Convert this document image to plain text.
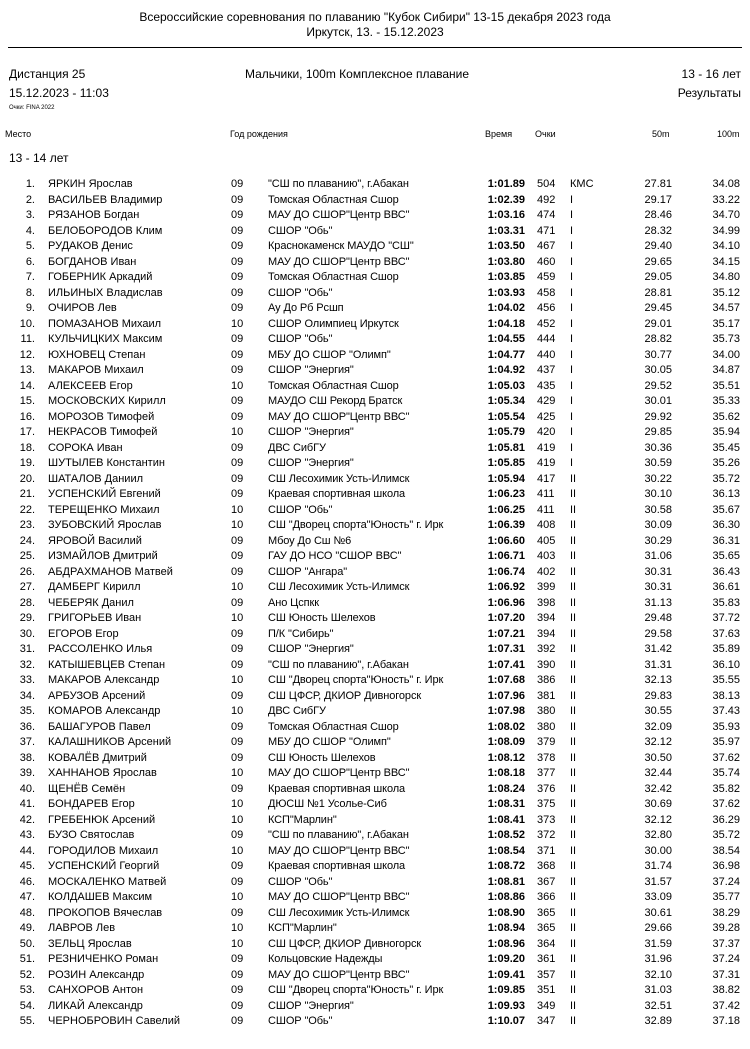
Всероссийские соревнования по плаванию "Кубок Сибири" 13-15 декабря 2023 года
Иркутск, 13. - 15.12.2023
Дистанция 25
15.12.2023 - 11:03
Мальчики, 100m Комплексное плавание	13 - 16 лет
Результаты
Очки: FINA 2022
Место	Год рождения	Время	Очки	50m	100m
13 - 14 лет
1. ЯРКИН Ярослав	09 "СШ по плаванию", г.Абакан	1:01.89 504 КМС	27.81	34.08
2. ВАСИЛЬЕВ Владимир	09 Томская Областная Сшор	1:02.39 492 I	29.17	33.22
3. РЯЗАНОВ Богдан	09 МАУ ДО СШОР"Центр ВВС"	1:03.16 474 I	28.46	34.70
4. БЕЛОБОРОДОВ Клим	09 СШОР "Обь"	1:03.31 471 I	28.32	34.99
5. РУДАКОВ Денис	09 Краснокаменск МАУДО "СШ"	1:03.50 467 I	29.40	34.10
6. БОГДАНОВ Иван	09 МАУ ДО СШОР"Центр ВВС"	1:03.80 460 I	29.65	34.15
7. ГОБЕРНИК Аркадий	09 Томская Областная Сшор	1:03.85 459 I	29.05	34.80
8. ИЛЬИНЫХ Владислав	09 СШОР "Обь"	1:03.93 458 I	28.81	35.12
9. ОЧИРОВ Лев	09 Ау До Рб Рсшп	1:04.02 456 I	29.45	34.57
10. ПОМАЗАНОВ Михаил	10 СШОР Олимпиец Иркутск	1:04.18 452 I	29.01	35.17
11. КУЛЬЧИЦКИХ Максим	09 СШОР "Обь"	1:04.55 444 I	28.82	35.73
12. ЮХНОВЕЦ Степан	09 МБУ ДО СШОР "Олимп"	1:04.77 440 I	30.77	34.00
13. МАКАРОВ Михаил	09 СШОР "Энергия"	1:04.92 437 I	30.05	34.87
14. АЛЕКСЕЕВ Егор	10 Томская Областная Сшор	1:05.03 435 I	29.52	35.51
15. МОСКОВСКИХ Кирилл	09 МАУДО СШ Рекорд Братск	1:05.34 429 I	30.01	35.33
16. МОРОЗОВ Тимофей	09 МАУ ДО СШОР"Центр ВВС"	1:05.54 425 I	29.92	35.62
17. НЕКРАСОВ Тимофей	10 СШОР "Энергия"	1:05.79 420 I	29.85	35.94
18. СОРОКА Иван	09 ДВС СибГУ	1:05.81 419 I	30.36	35.45
19. ШУТЫЛЕВ Константин	09 СШОР "Энергия"	1:05.85 419 I	30.59	35.26
20. ШАТАЛОВ Даниил	09 СШ Лесохимик Усть-Илимск	1:05.94 417 II	30.22	35.72
21. УСПЕНСКИЙ Евгений	09 Краевая спортивная школа	1:06.23 411 II	30.10	36.13
22. ТЕРЕЩЕНКО Михаил	10 СШОР "Обь"	1:06.25 411 II	30.58	35.67
23. ЗУБОВСКИЙ Ярослав	10 СШ "Дворец спорта"Юность" г. Ирк	1:06.39 408 II	30.09	36.30
24. ЯРОВОЙ Василий	09 Мбоу До Сш №6	1:06.60 405 II	30.29	36.31
25. ИЗМАЙЛОВ Дмитрий	09 ГАУ ДО НСО "СШОР ВВС"	1:06.71 403 II	31.06	35.65
26. АБДРАХМАНОВ Матвей	09 СШОР "Ангара"	1:06.74 402 II	30.31	36.43
27. ДАМБЕРГ Кирилл	10 СШ Лесохимик Усть-Илимск	1:06.92 399 II	30.31	36.61
28. ЧЕБЕРЯК Данил	09 Ано Цспкк	1:06.96 398 II	31.13	35.83
29. ГРИГОРЬЕВ Иван	10 СШ Юность Шелехов	1:07.20 394 II	29.48	37.72
30. ЕГОРОВ Егор	09 П/К "Сибирь"	1:07.21 394 II	29.58	37.63
31. РАССОЛЕНКО Илья	09 СШОР "Энергия"	1:07.31 392 II	31.42	35.89
32. КАТЫШЕВЦЕВ Степан	09 "СШ по плаванию", г.Абакан	1:07.41 390 II	31.31	36.10
33. МАКАРОВ Александр	10 СШ "Дворец спорта"Юность" г. Ирк	1:07.68 386 II	32.13	35.55
34. АРБУЗОВ Арсений	09 СШ ЦФСР, ДКИОР Дивногорск	1:07.96 381 II	29.83	38.13
35. КОМАРОВ Александр	10 ДВС СибГУ	1:07.98 380 II	30.55	37.43
36. БАШАГУРОВ Павел	09 Томская Областная Сшор	1:08.02 380 II	32.09	35.93
37. КАЛАШНИКОВ Арсений	09 МБУ ДО СШОР "Олимп"	1:08.09 379 II	32.12	35.97
38. КОВАЛЁВ Дмитрий	09 СШ Юность Шелехов	1:08.12 378 II	30.50	37.62
39. ХАННАНОВ Ярослав	10 МАУ ДО СШОР"Центр ВВС"	1:08.18 377 II	32.44	35.74
40. ЩЕНЁВ Семён	09 Краевая спортивная школа	1:08.24 376 II	32.42	35.82
41. БОНДАРЕВ Егор	10 ДЮСШ №1 Усолье-Сиб	1:08.31 375 II	30.69	37.62
42. ГРЕБЕНЮК Арсений	10 КСП"Марлин"	1:08.41 373 II	32.12	36.29
43. БУЗО Святослав	09 "СШ по плаванию", г.Абакан	1:08.52 372 II	32.80	35.72
44. ГОРОДИЛОВ Михаил	10 МАУ ДО СШОР"Центр ВВС"	1:08.54 371 II	30.00	38.54
45. УСПЕНСКИЙ Георгий	09 Краевая спортивная школа	1:08.72 368 II	31.74	36.98
46. МОСКАЛЕНКО Матвей	09 СШОР "Обь"	1:08.81 367 II	31.57	37.24
47. КОЛДАШЕВ Максим	10 МАУ ДО СШОР"Центр ВВС"	1:08.86 366 II	33.09	35.77
48. ПРОКОПОВ Вячеслав	09 СШ Лесохимик Усть-Илимск	1:08.90 365 II	30.61	38.29
49. ЛАВРОВ Лев	10 КСП"Марлин"	1:08.94 365 II	29.66	39.28
50. ЗЕЛЬЦ Ярослав	10 СШ ЦФСР, ДКИОР Дивногорск	1:08.96 364 II	31.59	37.37
51. РЕЗНИЧЕНКО Роман	09 Кольцовские Надежды	1:09.20 361 II	31.96	37.24
52. РОЗИН Александр	09 МАУ ДО СШОР"Центр ВВС"	1:09.41 357 II	32.10	37.31
53. САНХОРОВ Антон	09 СШ "Дворец спорта"Юность" г. Ирк	1:09.85 351 II	31.03	38.82
54. ЛИКАЙ Александр	09 СШОР "Энергия"	1:09.93 349 II	32.51	37.42
55. ЧЕРНОБРОВИН Савелий	09 СШОР "Обь"	1:10.07 347 II	32.89	37.18
